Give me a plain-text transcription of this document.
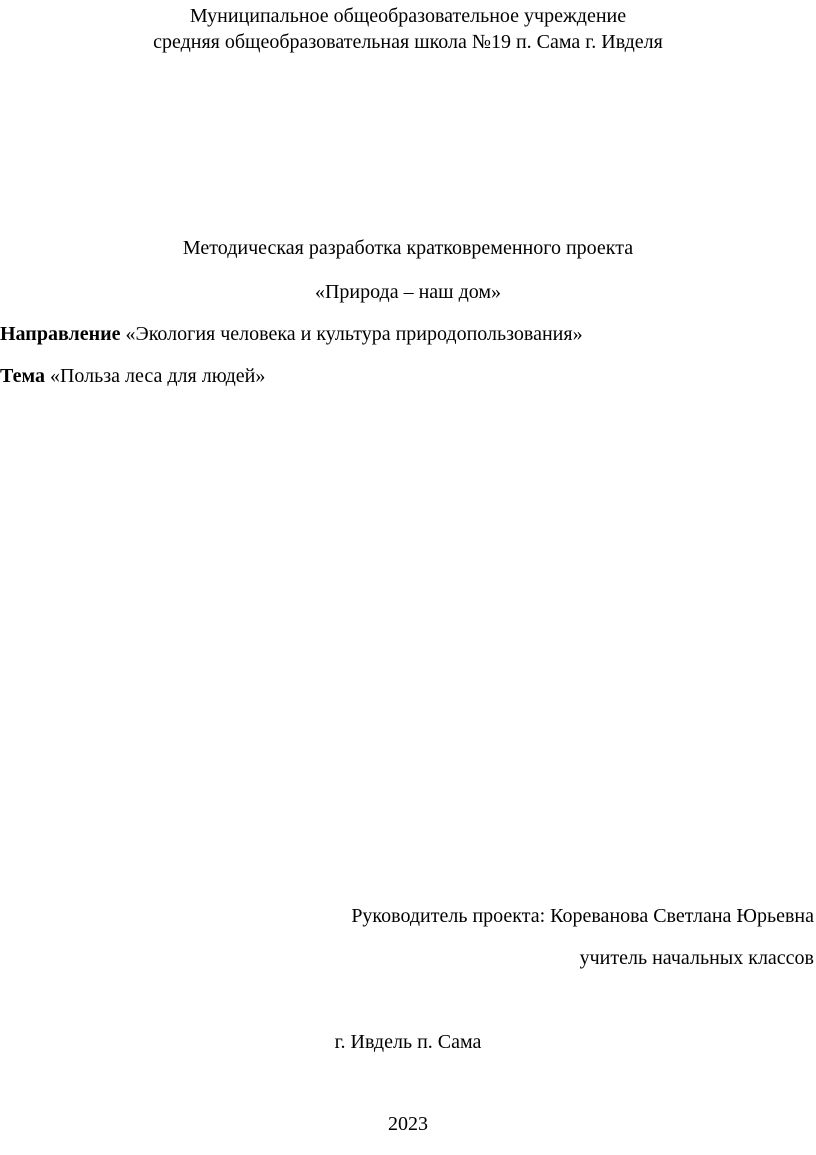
Муниципальное общеобразовательное учреждение
средняя общеобразовательная школа №19 п. Сама г. Ивделя
Методическая разработка кратковременного проекта
«Природа – наш дом»
Направление «Экология человека и культура природопользования»
Тема «Польза леса для людей»
Руководитель проекта: Кореванова Светлана Юрьевна
учитель начальных классов
г. Ивдель п. Сама
2023
